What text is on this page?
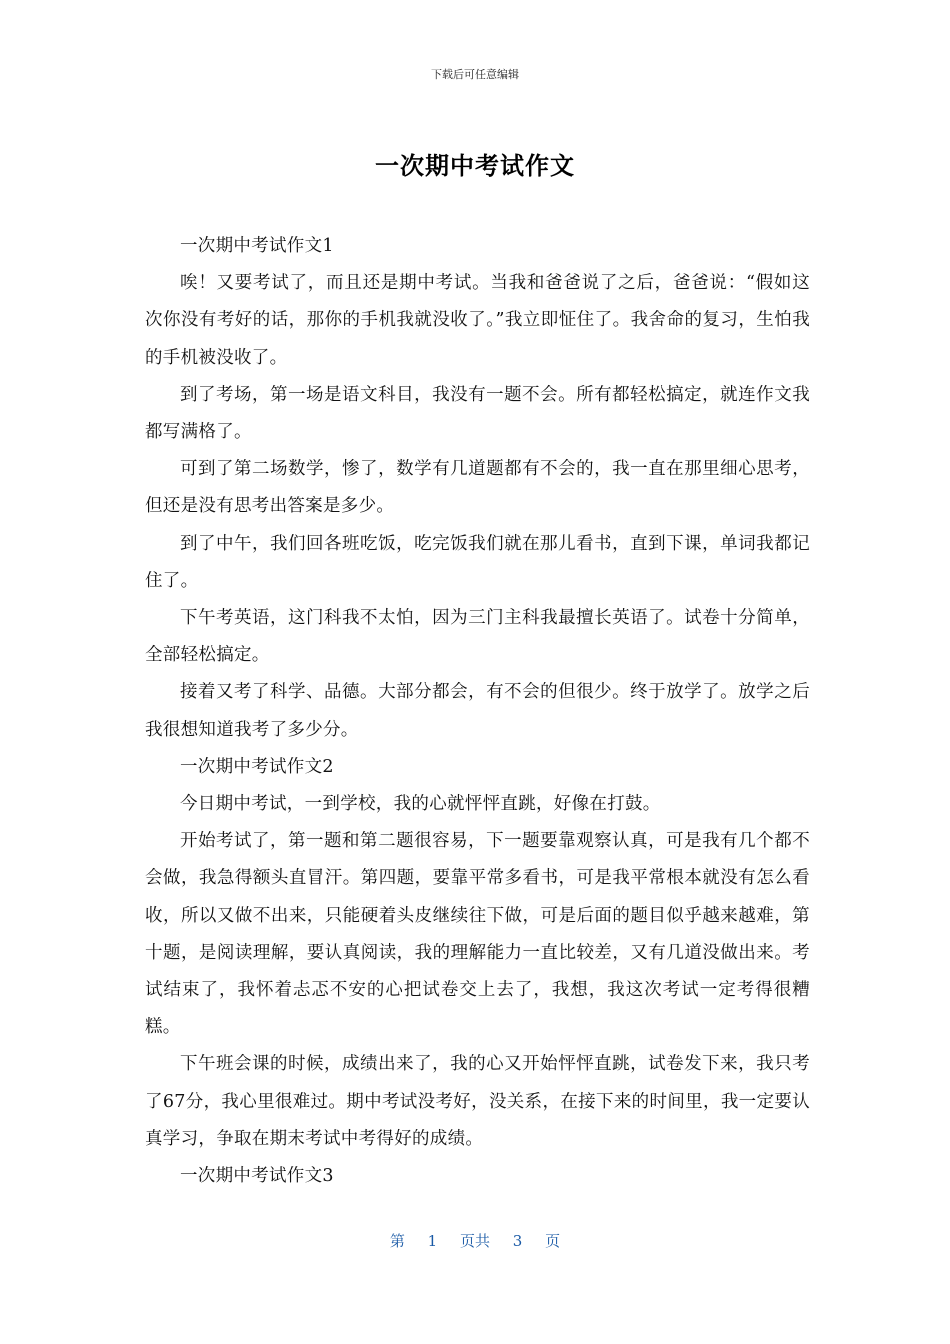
下载后可任意编辑
一次期中考试作文

一次期中考试作文1

唉！又要考试了，而且还是期中考试。当我和爸爸说了之后，爸爸说：“假如这次你没有考好的话，那你的手机我就没收了。”我立即怔住了。我舍命的复习，生怕我的手机被没收了。

到了考场，第一场是语文科目，我没有一题不会。所有都轻松搞定，就连作文我都写满格了。

可到了第二场数学，惨了，数学有几道题都有不会的，我一直在那里细心思考，但还是没有思考出答案是多少。

到了中午，我们回各班吃饭，吃完饭我们就在那儿看书，直到下课，单词我都记住了。

下午考英语，这门科我不太怕，因为三门主科我最擅长英语了。试卷十分简单，全部轻松搞定。

接着又考了科学、品德。大部分都会，有不会的但很少。终于放学了。放学之后我很想知道我考了多少分。

一次期中考试作文2

今日期中考试，一到学校，我的心就怦怦直跳，好像在打鼓。

开始考试了，第一题和第二题很容易，下一题要靠观察认真，可是我有几个都不会做，我急得额头直冒汗。第四题，要靠平常多看书，可是我平常根本就没有怎么看收，所以又做不出来，只能硬着头皮继续往下做，可是后面的题目似乎越来越难，第十题，是阅读理解，要认真阅读，我的理解能力一直比较差，又有几道没做出来。考试结束了，我怀着忐忑不安的心把试卷交上去了，我想，我这次考试一定考得很糟糕。

下午班会课的时候，成绩出来了，我的心又开始怦怦直跳，试卷发下来，我只考了67分，我心里很难过。期中考试没考好，没关系，在接下来的时间里，我一定要认真学习，争取在期末考试中考得好的成绩。

一次期中考试作文3

第 1 页共 3 页
